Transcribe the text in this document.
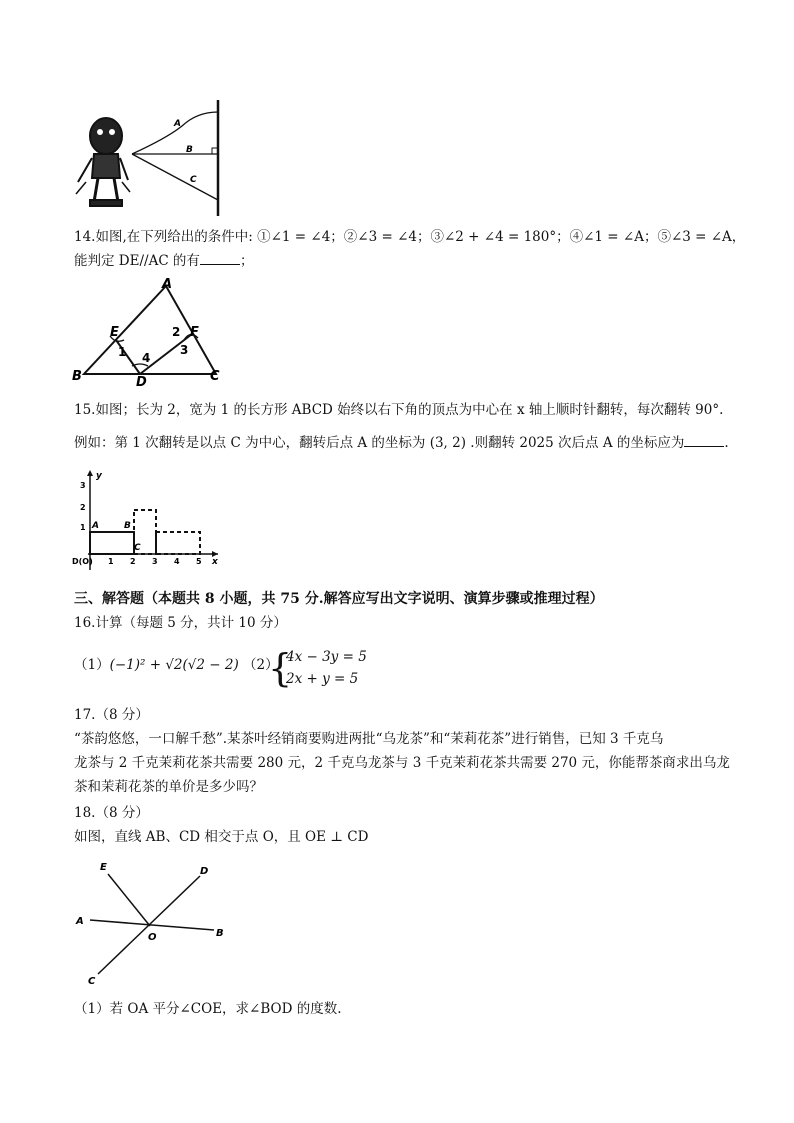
A
B
C
14.如图,在下列给出的条件中: ①∠1 = ∠4；②∠3 = ∠4；③∠2 + ∠4 = 180°；④∠1 = ∠A；⑤∠3 = ∠A，
能判定 DE//AC 的有	；
A
B	C
D
E	F
1
2
3
4
15.如图；长为 2，宽为 1 的长方形 ABCD 始终以右下角的顶点为中心在 x 轴上顺时针翻转，每次翻转 90°.
例如：第 1 次翻转是以点 C 为中心，翻转后点 A 的坐标为 (3, 2) .则翻转 2025 次后点 A 的坐标应为	.
y
x
1
2
3
1 2 3 4 5
D(O)
A	B
C
三、解答题（本题共 8 小题，共 75 分.解答应写出文字说明、演算步骤或推理过程）
16.计算（每题 5 分，共计 10 分）
（1）(−1)² + √2(√2 − 2) （2）
{
4x − 3y = 5
2x + y = 5
17.（8 分）
“茶韵悠悠，一口解千愁”.某茶叶经销商要购进两批“乌龙茶”和“茉莉花茶”进行销售，已知 3 千克乌
龙茶与 2 千克茉莉花茶共需要 280 元，2 千克乌龙茶与 3 千克茉莉花茶共需要 270 元，你能帮茶商求出乌龙
茶和茉莉花茶的单价是多少吗？
18.（8 分）
如图，直线 AB、CD 相交于点 O，且 OE ⊥ CD
E	D
A
B
O
C
（1）若 OA 平分∠COE，求∠BOD 的度数.
